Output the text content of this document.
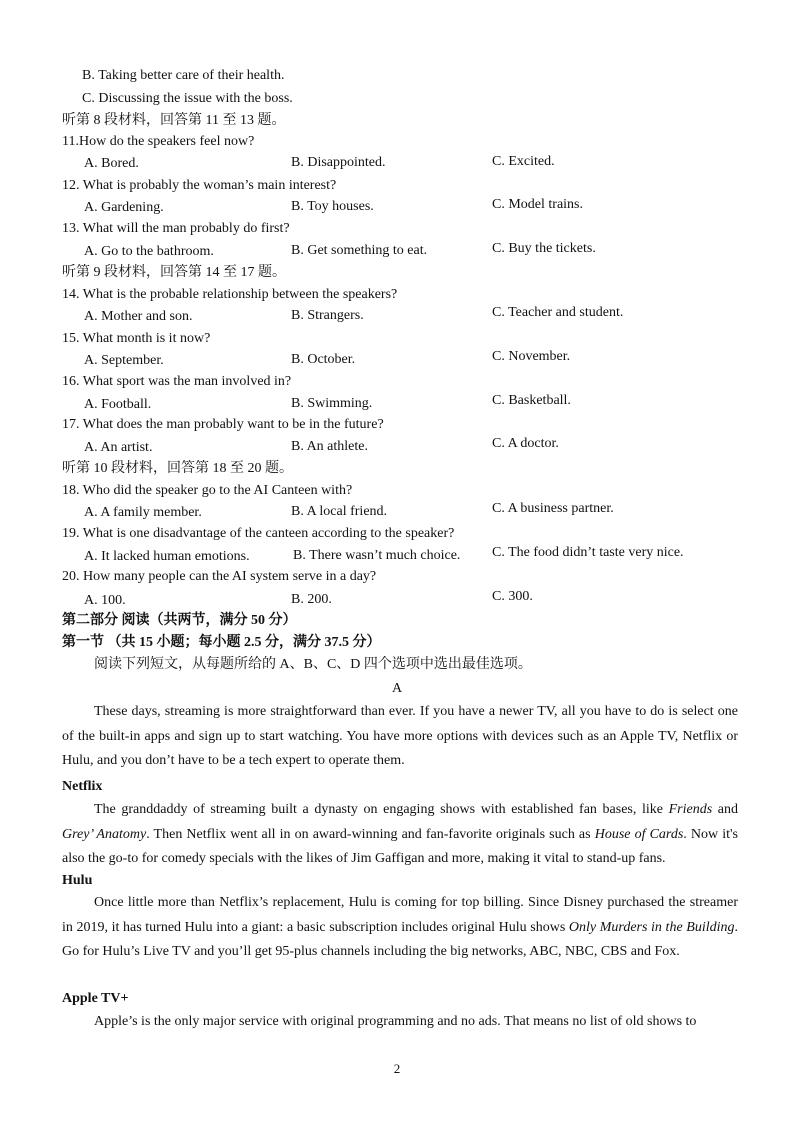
B. Taking better care of their health.
C. Discussing the issue with the boss.
听第 8 段材料，回答第 11 至 13 题。
11.How do the speakers feel now?
A. Bored.	B. Disappointed.	C. Excited.
12. What is probably the woman’s main interest?
A. Gardening.	B. Toy houses.	C. Model trains.
13. What will the man probably do first?
A. Go to the bathroom.	B. Get something to eat.	C. Buy the tickets.
听第 9 段材料，回答第 14 至 17 题。
14. What is the probable relationship between the speakers?
A. Mother and son.	B. Strangers.	C. Teacher and student.
15. What month is it now?
A. September.	B. October.	C. November.
16. What sport was the man involved in?
A. Football.	B. Swimming.	C. Basketball.
17. What does the man probably want to be in the future?
A. An artist.	B. An athlete.	C. A doctor.
听第 10 段材料，回答第 18 至 20 题。
18. Who did the speaker go to the AI Canteen with?
A. A family member.	B. A local friend.	C. A business partner.
19. What is one disadvantage of the canteen according to the speaker?
A. It lacked human emotions.	B. There wasn’t much choice. C. The food didn’t taste very nice.
20. How many people can the AI system serve in a day?
A. 100.	B. 200.	C. 300.
第二部分 阅读（共两节，满分 50 分）
第一节 （共 15 小题；每小题 2.5 分，满分 37.5 分）
阅读下列短文，从每题所给的 A、B、C、D 四个选项中选出最佳选项。
A

These days, streaming is more straightforward than ever. If you have a newer TV, all you have to do is select one of the built-in apps and sign up to start watching. You have more options with devices such as an Apple TV, Netflix or Hulu, and you don’t have to be a tech expert to operate them.

Netflix

The granddaddy of streaming built a dynasty on engaging shows with established fan bases, like Friends and Grey’ Anatomy. Then Netflix went all in on award-winning and fan-favorite originals such as House of Cards. Now it's also the go-to for comedy specials with the likes of Jim Gaffigan and more, making it vital to stand-up fans.

Hulu

Once little more than Netflix’s replacement, Hulu is coming for top billing. Since Disney purchased the streamer in 2019, it has turned Hulu into a giant: a basic subscription includes original Hulu shows Only Murders in the Building. Go for Hulu’s Live TV and you’ll get 95-plus channels including the big networks, ABC, NBC, CBS and Fox.

Apple TV+

Apple’s is the only major service with original programming and no ads. That means no list of old shows to

2
